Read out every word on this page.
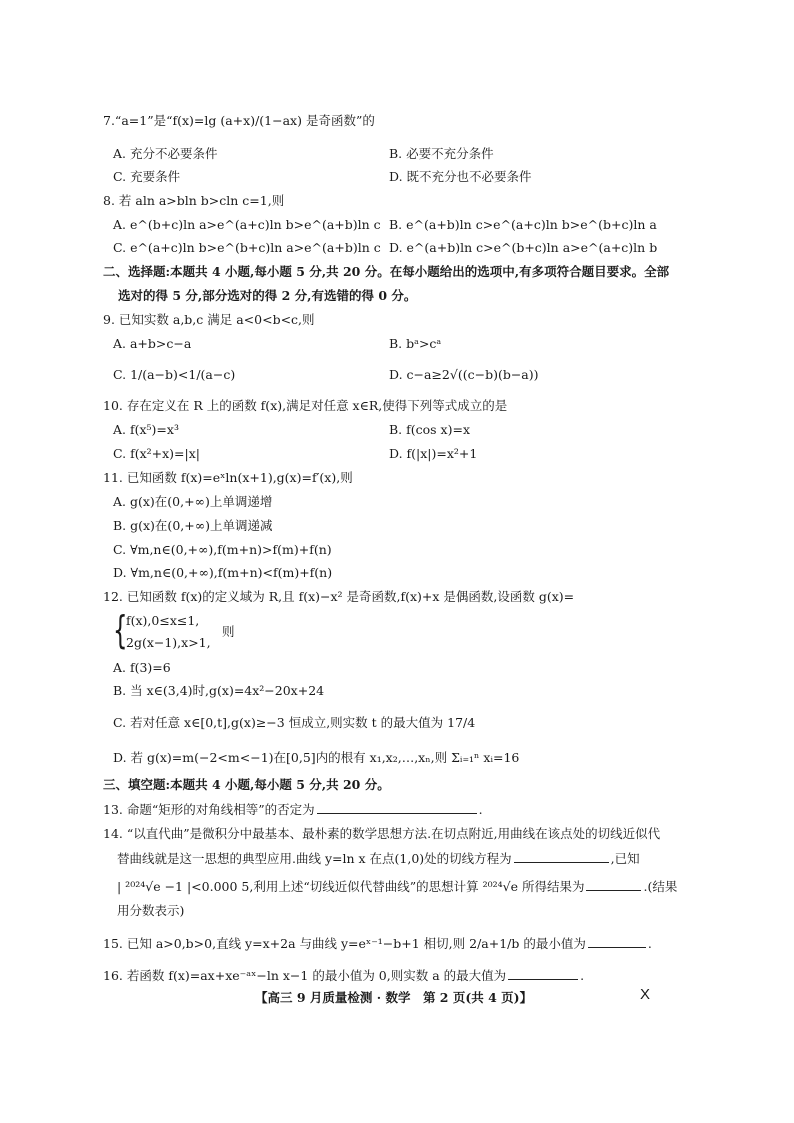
7.“a=1”是“f(x)=lg (a+x)/(1−ax) 是奇函数”的
A. 充分不必要条件	B. 必要不充分条件
C. 充要条件	D. 既不充分也不必要条件
8. 若 aln a>bln b>cln c=1,则
A. e^(b+c)ln a>e^(a+c)ln b>e^(a+b)ln c B. e^(a+b)ln c>e^(a+c)ln b>e^(b+c)ln a
C. e^(a+c)ln b>e^(b+c)ln a>e^(a+b)ln c D. e^(a+b)ln c>e^(b+c)ln a>e^(a+c)ln b
二、选择题:本题共 4 小题,每小题 5 分,共 20 分。在每小题给出的选项中,有多项符合题目要求。全部
选对的得 5 分,部分选对的得 2 分,有选错的得 0 分。
9. 已知实数 a,b,c 满足 a<0<b<c,则
A. a+b>c−a	B. bᵃ>cᵃ
C. 1/(a−b)<1/(a−c)	D. c−a≥2√((c−b)(b−a))
10. 存在定义在 R 上的函数 f(x),满足对任意 x∈R,使得下列等式成立的是
A. f(x⁵)=x³	B. f(cos x)=x
C. f(x²+x)=|x|	D. f(|x|)=x²+1
11. 已知函数 f(x)=eˣln(x+1),g(x)=f′(x),则
A. g(x)在(0,+∞)上单调递增
B. g(x)在(0,+∞)上单调递减
C. ∀m,n∈(0,+∞),f(m+n)>f(m)+f(n)
D. ∀m,n∈(0,+∞),f(m+n)<f(m)+f(n)
12. 已知函数 f(x)的定义域为 R,且 f(x)−x² 是奇函数,f(x)+x 是偶函数,设函数 g(x)=
{
f(x),0≤x≤1,
2g(x−1),x>1,
则
A. f(3)=6
B. 当 x∈(3,4)时,g(x)=4x²−20x+24
C. 若对任意 x∈[0,t],g(x)≥−3 恒成立,则实数 t 的最大值为 17/4
D. 若 g(x)=m(−2<m<−1)在[0,5]内的根有 x₁,x₂,…,xₙ,则 Σᵢ₌₁ⁿ xᵢ=16
三、填空题:本题共 4 小题,每小题 5 分,共 20 分。
13. 命题“矩形的对角线相等”的否定为	.
14. “以直代曲”是微积分中最基本、最朴素的数学思想方法.在切点附近,用曲线在该点处的切线近似代
替曲线就是这一思想的典型应用.曲线 y=ln x 在点(1,0)处的切线方程为	,已知
| ²⁰²⁴√e −1 |<0.000 5,利用上述“切线近似代替曲线”的思想计算 ²⁰²⁴√e 所得结果为	.(结果
用分数表示)
15. 已知 a>0,b>0,直线 y=x+2a 与曲线 y=eˣ⁻¹−b+1 相切,则 2/a+1/b 的最小值为	.
16. 若函数 f(x)=ax+xe⁻ᵃˣ−ln x−1 的最小值为 0,则实数 a 的最大值为	.
【高三 9 月质量检测 · 数学　第 2 页(共 4 页)】	X
